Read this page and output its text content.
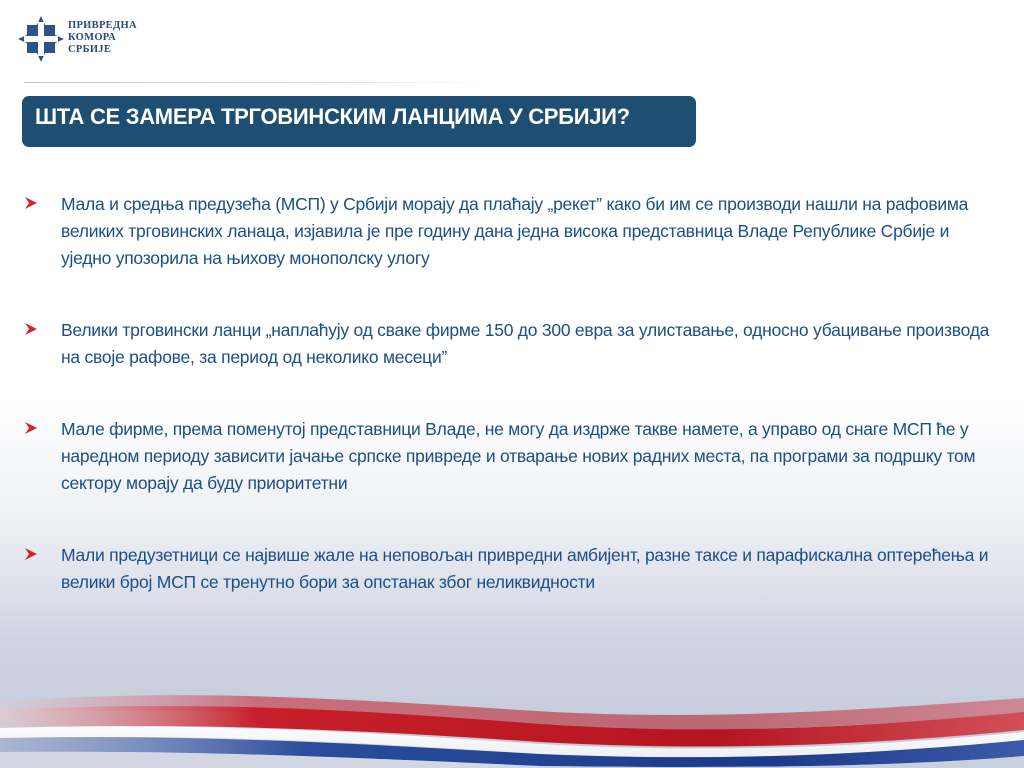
ПРИВРЕДНА
КОМОРА
СРБИЈЕ
ШТА СЕ ЗАМЕРА ТРГОВИНСКИМ ЛАНЦИМА У СРБИЈИ?
Мала и средња предузећа (МСП) у Србији морају да плаћају „рекет” како би им се производи нашли на рафовима великих трговинских ланаца, изјавила је пре годину дана једна висока представница Владе Републике Србије и уједно упозорила на њихову монополску улогу
Велики трговински ланци „наплаћују од сваке фирме 150 до 300 евра за улиставање, односно убацивање производа на своје рафове, за период од неколико месеци”
Мале фирме, према поменутој представници Владе, не могу да издрже такве намете, а управо од снаге МСП ће у наредном периоду зависити јачање српске привреде и отварање нових радних места, па програми за подршку том сектору морају да буду приоритетни
Мали предузетници се највише жале на неповољан привредни амбијент, разне таксе и парафискална оптерећења и велики број МСП се тренутно бори за опстанак због неликвидности
